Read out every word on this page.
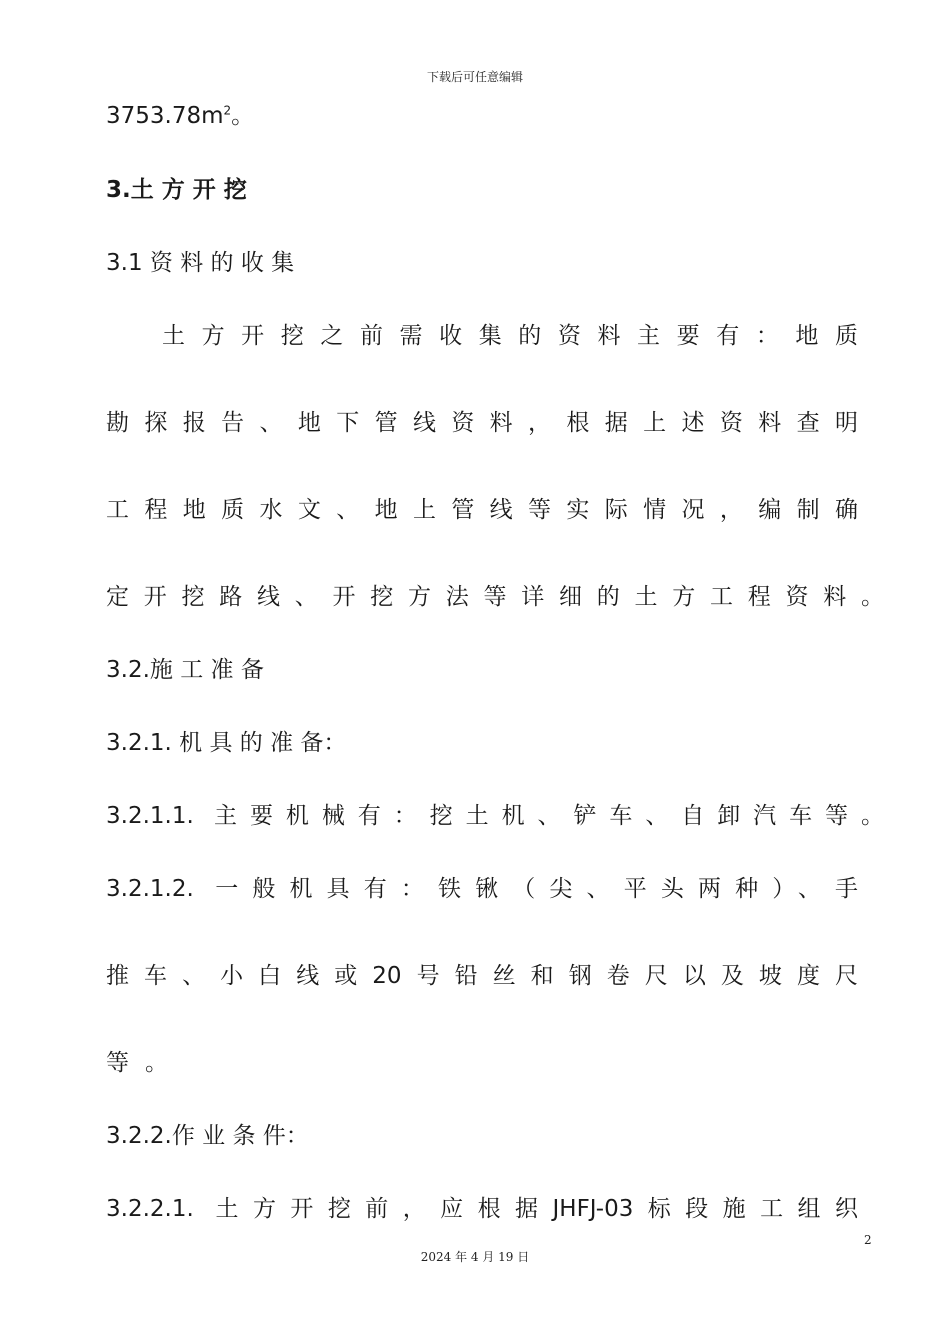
下载后可任意编辑
$3753.78m^2$。
3.土 方 开 挖
3.1 资 料 的 收 集
土方开挖之前需收集的资料主要有：地质
勘探报告、地下管线资料，根据上述资料查明
工程地质水文、地上管线等实际情况，编制确
定开挖路线、开挖方法等详细的土方工程资料。
3.2.施 工 准 备
3.2.1. 机 具 的 准 备：
3.2.1.1. 主要机械有：挖土机、铲车、自卸汽车等。
3.2.1.2. 一般机具有：铁锹（尖、平头两种）、手
推车、小白线或20号铅丝和钢卷尺以及坡度尺
等。
3.2.2.作 业 条 件：
3.2.2.1. 土方开挖前，应根据JHFJ-03标段施工组织
2
2024 年 4 月 19 日
